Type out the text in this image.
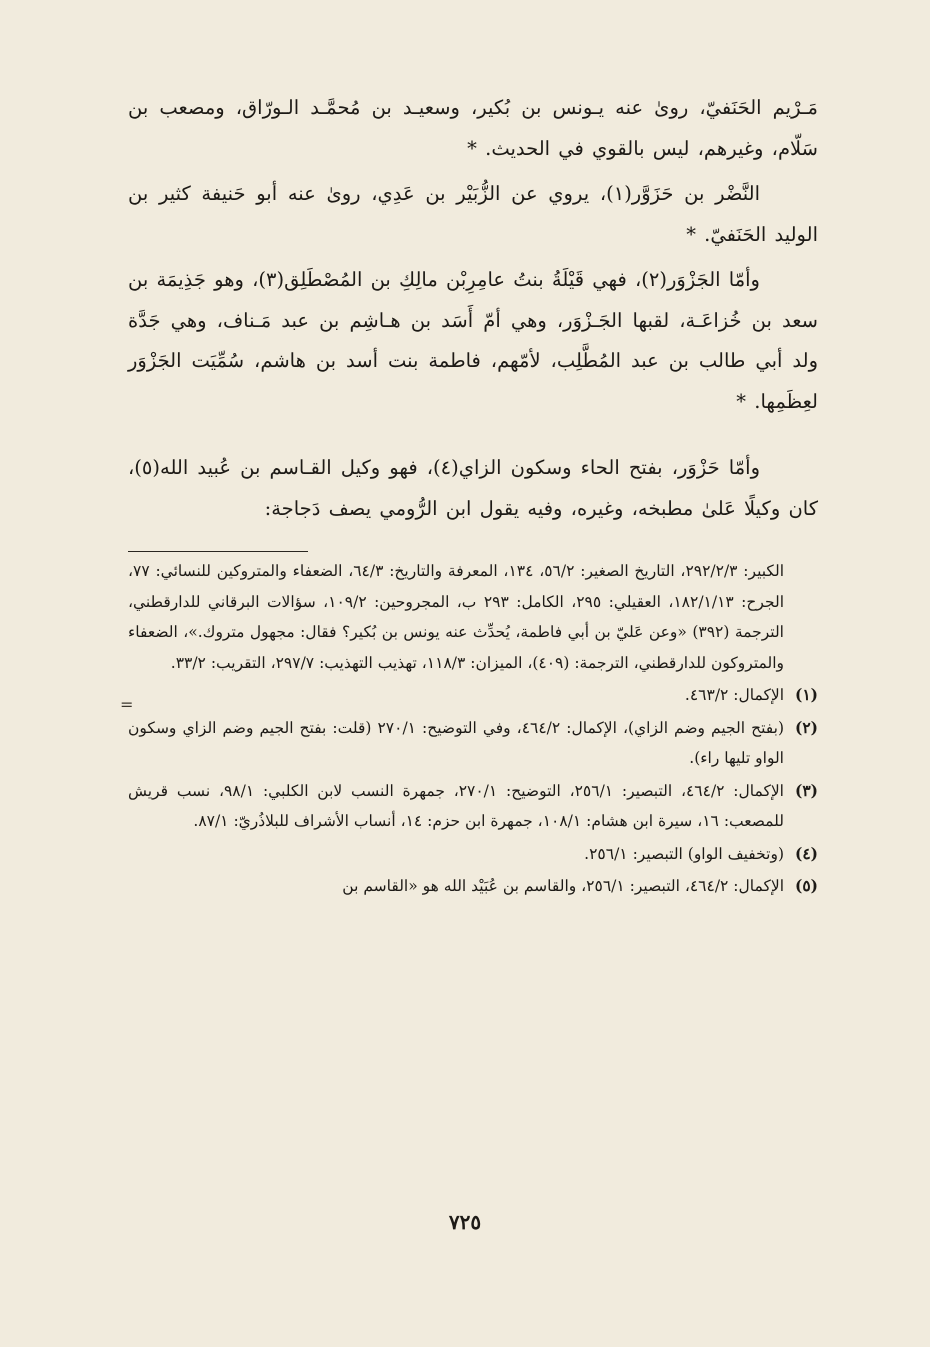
مَـرْيم الحَنَفيّ، روىٰ عنه يـونس بن بُكير، وسعيـد بن مُحمَّـد الـورّاق، ومصعب بن سَلّام، وغيرهم، ليس بالقوي في الحديث. *

النَّضْر بن حَزَوَّر(١)، يروي عن الزُّبَيْر بن عَدِي، روىٰ عنه أبو حَنيفة كثير بن الوليد الحَنَفيّ. *

وأمّا الجَزْوَر(٢)، فهي قَيْلَةُ بنتُ عامِرِبْن مالِكِ بن المُصْطَلِق(٣)، وهو جَذِيمَة بن سعد بن خُزاعَـة، لقبها الجَـزْوَر، وهي أمّ أَسَد بن هـاشِم بن عبد مَـناف، وهي جَدَّة ولد أبي طالب بن عبد المُطَّلِب، لأمّهم، فاطمة بنت أسد بن هاشم، سُمِّيَت الجَزْوَر لعِظَمِها. *

وأمّا حَزْوَر، بفتح الحاء وسكون الزاي(٤)، فهو وكيل القـاسم بن عُبيد الله(٥)، كان وكيلًا عَلىٰ مطبخه، وغيره، وفيه يقول ابن الرُّومي يصف دَجاجة:

الكبير: ٢٩٢/٢/٣، التاريخ الصغير: ٥٦/٢، ١٣٤، المعرفة والتاريخ: ٦٤/٣، الضعفاء والمتروكين للنسائي: ٧٧، الجرح: ١٨٢/١/١٣، العقيلي: ٢٩٥، الكامل: ٢٩٣ ب، المجروحين: ١٠٩/٢، سؤالات البرقاني للدارقطني، الترجمة (٣٩٢) «وعن عَليّ بن أبي فاطمة، يُحدِّث عنه يونس بن بُكير؟ فقال: مجهول متروك.»، الضعفاء والمتروكون للدارقطني، الترجمة: (٤٠٩)، الميزان: ١١٨/٣، تهذيب التهذيب: ٢٩٧/٧، التقريب: ٣٣/٢.
(١)
الإكمال: ٤٦٣/٢.
(٢)
(بفتح الجيم وضم الزاي)، الإكمال: ٤٦٤/٢، وفي التوضيح: ٢٧٠/١ (قلت: بفتح الجيم وضم الزاي وسكون الواو تليها راء).
(٣)
الإكمال: ٤٦٤/٢، التبصير: ٢٥٦/١، التوضيح: ٢٧٠/١، جمهرة النسب لابن الكلبي: ٩٨/١، نسب قريش للمصعب: ١٦، سيرة ابن هشام: ١٠٨/١، جمهرة ابن حزم: ١٤، أنساب الأشراف للبلاذُريّ: ٨٧/١.
(٤)
(وتخفيف الواو) التبصير: ٢٥٦/١.
(٥)
الإكمال: ٤٦٤/٢، التبصير: ٢٥٦/١، والقاسم بن عُبَيْد الله هو «القاسم بن
=
٧٢٥
